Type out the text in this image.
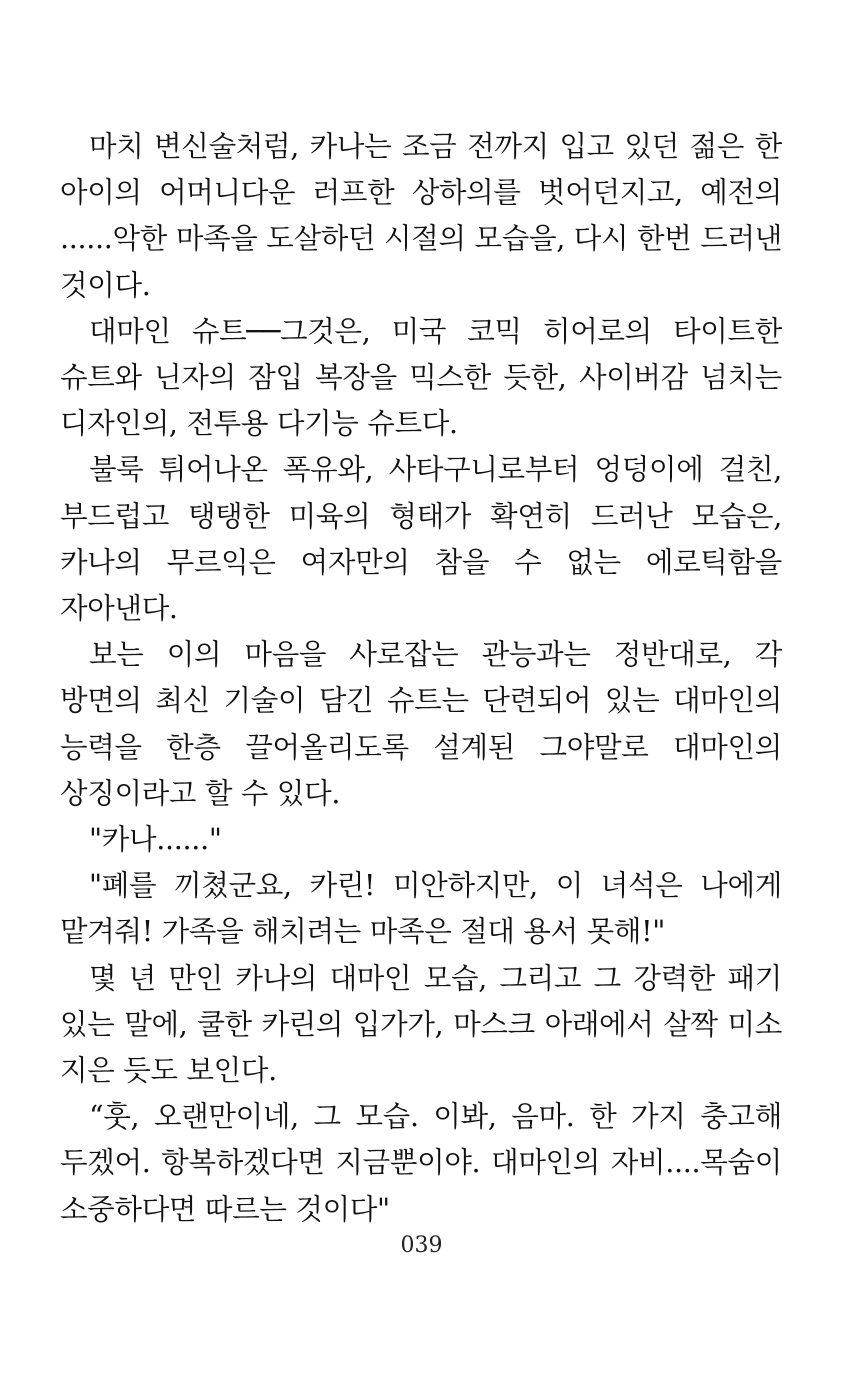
마치 변신술처럼, 카나는 조금 전까지 입고 있던 젊은 한 아이의 어머니다운 러프한 상하의를 벗어던지고, 예전의 ......악한 마족을 도살하던 시절의 모습을, 다시 한번 드러낸 것이다.

대마인 슈트──그것은, 미국 코믹 히어로의 타이트한 슈트와 닌자의 잠입 복장을 믹스한 듯한, 사이버감 넘치는 디자인의, 전투용 다기능 슈트다.

불룩 튀어나온 폭유와, 사타구니로부터 엉덩이에 걸친, 부드럽고 탱탱한 미육의 형태가 확연히 드러난 모습은, 카나의 무르익은 여자만의 참을 수 없는 에로틱함을 자아낸다.

보는 이의 마음을 사로잡는 관능과는 정반대로, 각 방면의 최신 기술이 담긴 슈트는 단련되어 있는 대마인의 능력을 한층 끌어올리도록 설계된 그야말로 대마인의 상징이라고 할 수 있다.

"카나......"

"폐를 끼쳤군요, 카린! 미안하지만, 이 녀석은 나에게 맡겨줘! 가족을 해치려는 마족은 절대 용서 못해!"

몇 년 만인 카나의 대마인 모습, 그리고 그 강력한 패기 있는 말에, 쿨한 카린의 입가가, 마스크 아래에서 살짝 미소 지은 듯도 보인다.

“훗, 오랜만이네, 그 모습. 이봐, 음마. 한 가지 충고해 두겠어. 항복하겠다면 지금뿐이야. 대마인의 자비....목숨이 소중하다면 따르는 것이다"

039
